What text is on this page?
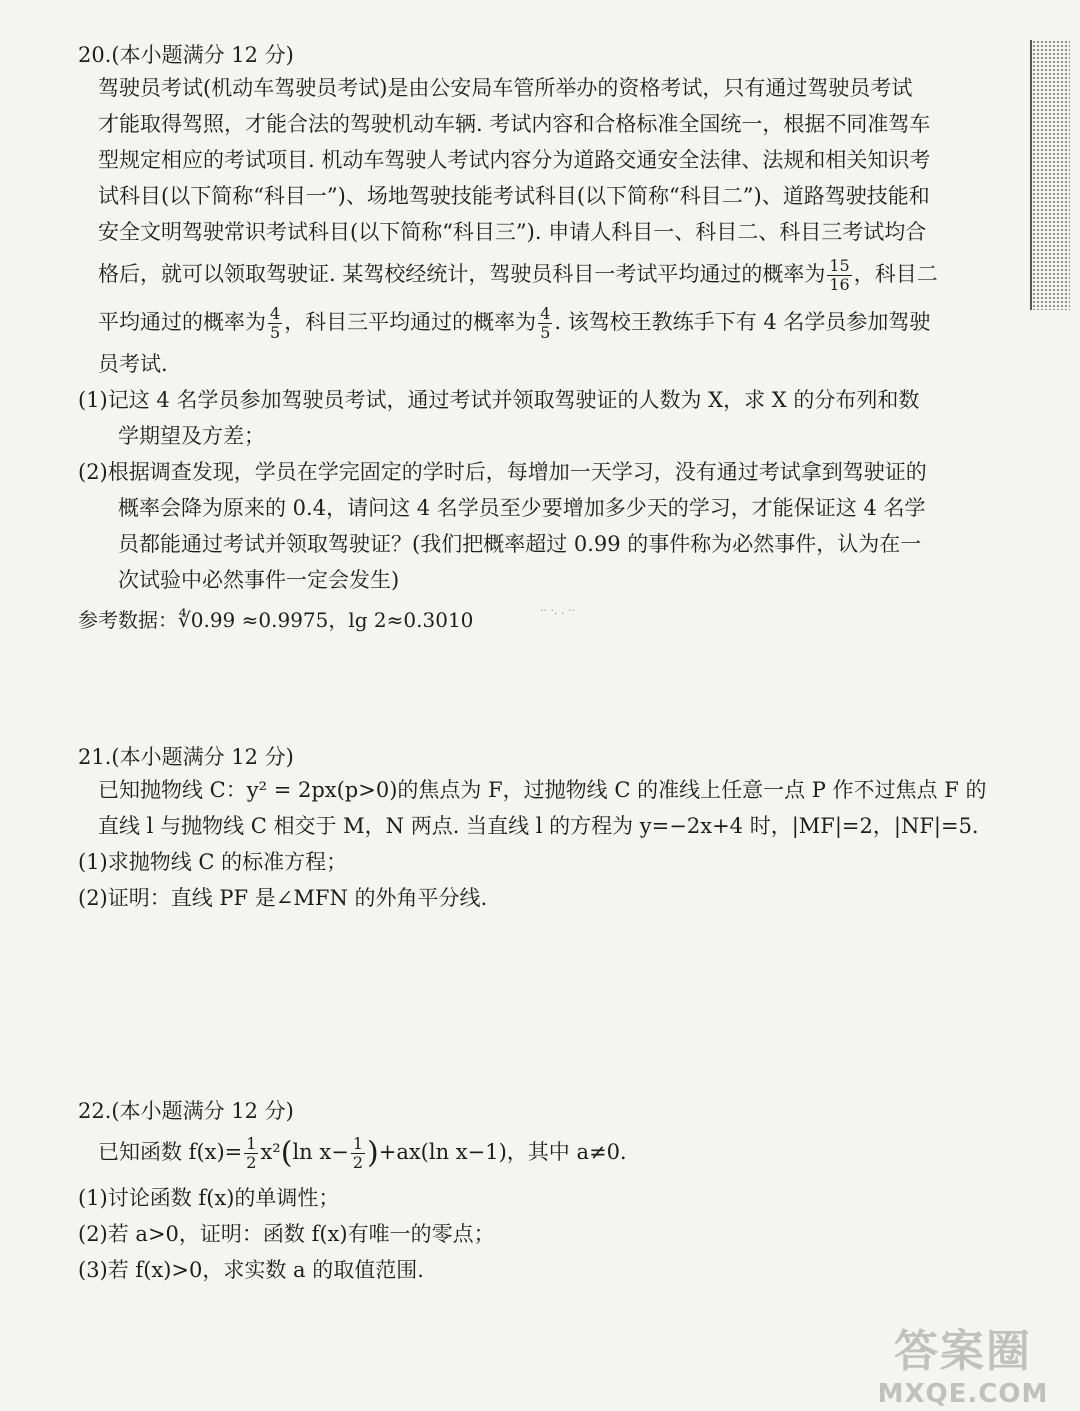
20.(本小题满分 12 分)
驾驶员考试(机动车驾驶员考试)是由公安局车管所举办的资格考试，只有通过驾驶员考试
才能取得驾照，才能合法的驾驶机动车辆. 考试内容和合格标准全国统一，根据不同准驾车
型规定相应的考试项目. 机动车驾驶人考试内容分为道路交通安全法律、法规和相关知识考
试科目(以下简称“科目一”)、场地驾驶技能考试科目(以下简称“科目二”)、道路驾驶技能和
安全文明驾驶常识考试科目(以下简称“科目三”). 申请人科目一、科目二、科目三考试均合
格后，就可以领取驾驶证. 某驾校经统计，驾驶员科目一考试平均通过的概率为 $\frac{15}{16}$ ，科目二
平均通过的概率为 $\frac{4}{5}$ ，科目三平均通过的概率为 $\frac{4}{5}$ . 该驾校王教练手下有 4 名学员参加驾驶
员考试.
(1)记这 4 名学员参加驾驶员考试，通过考试并领取驾驶证的人数为 X，求 X 的分布列和数
学期望及方差；
(2)根据调查发现，学员在学完固定的学时后，每增加一天学习，没有通过考试拿到驾驶证的
概率会降为原来的 0.4，请问这 4 名学员至少要增加多少天的学习，才能保证这 4 名学
员都能通过考试并领取驾驶证？(我们把概率超过 0.99 的事件称为必然事件，认为在一
次试验中必然事件一定会发生)
参考数据：∜0.99 ≈0.9975，lg 2≈0.3010	·· ·. . ··
21.(本小题满分 12 分)
已知抛物线 C：y² = 2px(p>0)的焦点为 F，过抛物线 C 的准线上任意一点 P 作不过焦点 F 的
直线 l 与抛物线 C 相交于 M，N 两点. 当直线 l 的方程为 y=−2x+4 时，|MF|=2，|NF|=5.
(1)求抛物线 C 的标准方程；
(2)证明：直线 PF 是∠MFN 的外角平分线.
22.(本小题满分 12 分)
已知函数 $f(x)= \frac{1}{2} x^2(\ln$ $x- \frac{1}{2} )+ax(\ln$ x−1)，其中 a≠0.
(1)讨论函数 f(x)的单调性；
(2)若 a>0，证明：函数 f(x)有唯一的零点；
(3)若 f(x)>0，求实数 a 的取值范围.
答案圈
MXQE.COM
